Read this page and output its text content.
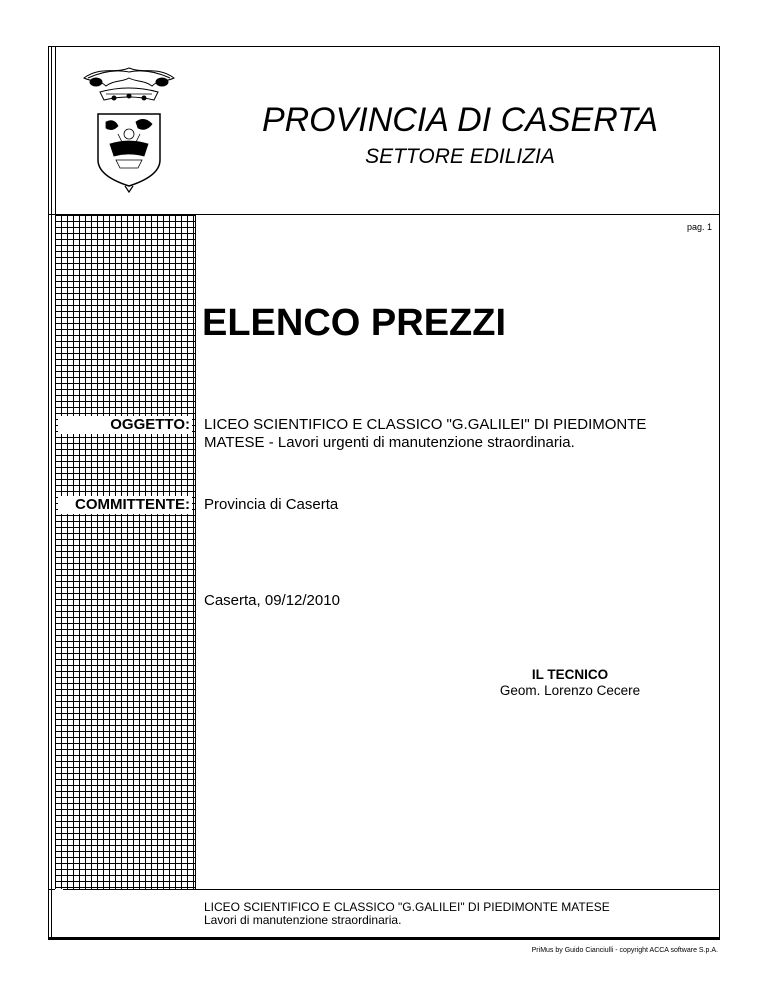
PROVINCIA DI CASERTA
SETTORE EDILIZIA
pag. 1
ELENCO PREZZI
OGGETTO: LICEO SCIENTIFICO E CLASSICO "G.GALILEI" DI PIEDIMONTE MATESE - Lavori urgenti di manutenzione straordinaria.
COMMITTENTE: Provincia di Caserta
Caserta, 09/12/2010
IL TECNICO
Geom. Lorenzo Cecere
LICEO SCIENTIFICO E CLASSICO "G.GALILEI" DI PIEDIMONTE MATESE
Lavori di manutenzione straordinaria.
PriMus by Guido Cianciulli - copyright ACCA software S.p.A.
